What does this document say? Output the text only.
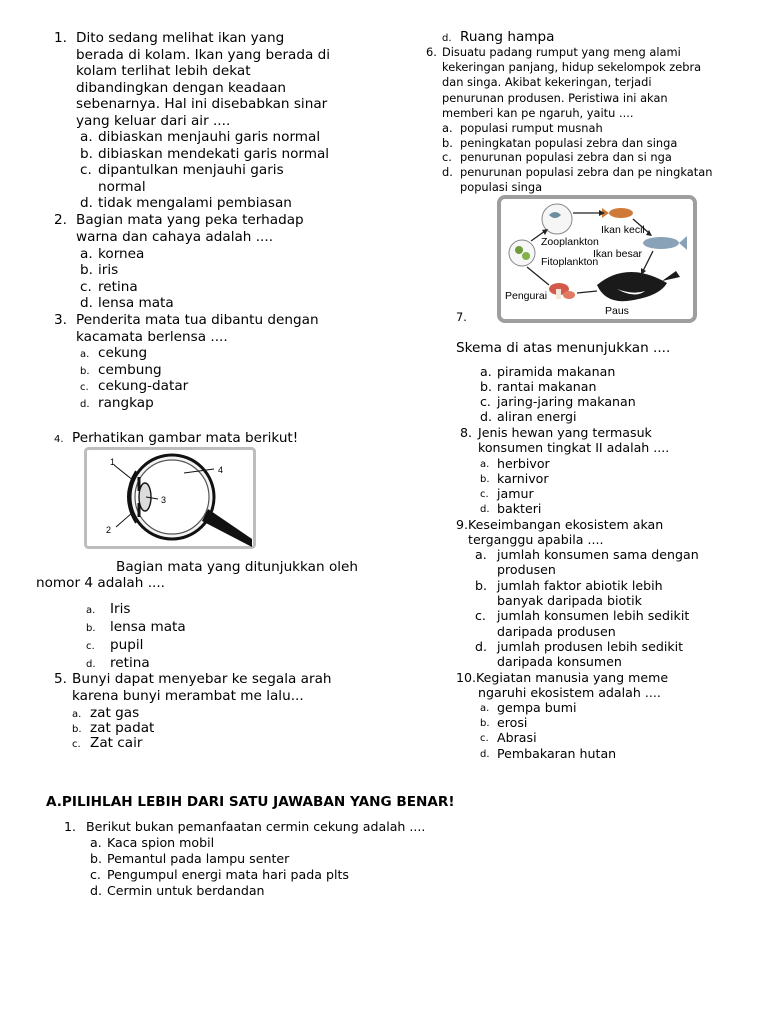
1. Dito sedang melihat ikan yang
berada di kolam. Ikan yang berada di
kolam terlihat lebih dekat
dibandingkan dengan keadaan
sebenarnya. Hal ini disebabkan sinar
yang keluar dari air ....
a. dibiaskan menjauhi garis normal
b. dibiaskan mendekati garis normal
c. dipantulkan menjauhi garis
normal
d. tidak mengalami pembiasan
2. Bagian mata yang peka terhadap
warna dan cahaya adalah ....
a. kornea
b. iris
c. retina
d. lensa mata
3. Penderita mata tua dibantu dengan
kacamata berlensa ....
a. cekung
b. cembung
c. cekung-datar
d. rangkap
4. Perhatikan gambar mata berikut!
1
2
3
4
Bagian mata yang ditunjukkan oleh
nomor 4 adalah ....
a. Iris
b. lensa mata
c. pupil
d. retina
5. Bunyi dapat menyebar ke segala arah
karena bunyi merambat me lalu...
a. zat gas
b. zat padat
c. Zat cair
d. Ruang hampa
6. Disuatu padang rumput yang meng alami
kekeringan panjang, hidup sekelompok zebra
dan singa. Akibat kekeringan, terjadi
penurunan produsen. Peristiwa ini akan
memberi kan pe ngaruh, yaitu ....
a. populasi rumput musnah
b. peningkatan populasi zebra dan singa
c. penurunan populasi zebra dan si nga
d. penurunan populasi zebra dan pe ningkatan
populasi singa
Zooplankton
Ikan kecil
Ikan besar
Fitoplankton
Pengurai
Paus
7.
Skema di atas menunjukkan ....
a. piramida makanan
b. rantai makanan
c. jaring-jaring makanan
d. aliran energi
8. Jenis hewan yang termasuk
konsumen tingkat II adalah ....
a. herbivor
b. karnivor
c. jamur
d. bakteri
9. Keseimbangan ekosistem akan
terganggu apabila ....
a. jumlah konsumen sama dengan
produsen
b. jumlah faktor abiotik lebih
banyak daripada biotik
c. jumlah konsumen lebih sedikit
daripada produsen
d. jumlah produsen lebih sedikit
daripada konsumen
10. Kegiatan manusia yang meme
ngaruhi ekosistem adalah ....
a. gempa bumi
b. erosi
c. Abrasi
d. Pembakaran hutan
A.PILIHLAH LEBIH DARI SATU JAWABAN YANG BENAR!
1. Berikut bukan pemanfaatan cermin cekung adalah ....
a. Kaca spion mobil
b. Pemantul pada lampu senter
c. Pengumpul energi mata hari pada plts
d. Cermin untuk berdandan
